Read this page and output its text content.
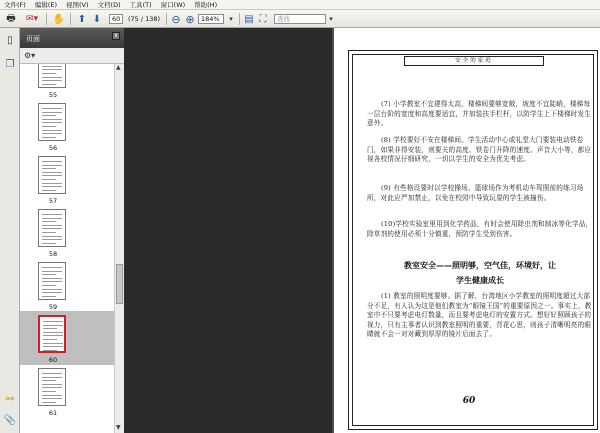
文件(F) 编辑(E) 视图(V) 文档(D) 工具(T) 窗口(W) 帮助(H)
🖶	✉▾	✋ ⬆ ⬇	60	(75 / 138) ⊖ ⊕ 184%	▾	▤ ⛶	查找	▾
▯
❐
⚯
📎
页面	x
⚙▾
55
56
57
58
59
60
61
▲
▼
安全的家庭
(7) 小学教室不宜建得太高，楼梯间要够宽敞，坡度不宜陡峭，楼梯每一层台阶的宽度和高度要适宜，并加装扶手栏杆，以防学生上下楼梯时发生意外。
(8) 学校要好不安在楼梯间。学生活动中心或礼堂大门要装电动铁卷门，如果非得安装，则要关的高度、铁卷门升降的速度、声音大小等，都应视各校情况仔细研究，一切以学生的安全为优先考虑。
(9) 有些格设要时以学校操场、篮球场作为考机动车驾照前的练习场所，对此应严加禁止，以免在校园中导致玩耍的学生被撞伤。
(10)学校实验室里用到化学药品，有时会使用除虫剂和制冰等化学品，除草剂的使用必须十分慎重，预防学生受到伤害。
教室安全——照明够，空气佳，环境好，让
学生健康成长
(1) 教室的照明度要够。据了解，台湾地区小学教室的照明度超过大部分不足，有人认为这是他们教室为“眼镜王国”的重要原因之一。事实上，教室中不只要考虑电灯数量，而且要考虑电灯的安置方式。想好好照顾孩子的视力，只有主事者认识到教室照明的重要，背花心思，则孩子清晰明亮的眼睛就不会一对对藏到厚厚的镜片后面去了。
60
